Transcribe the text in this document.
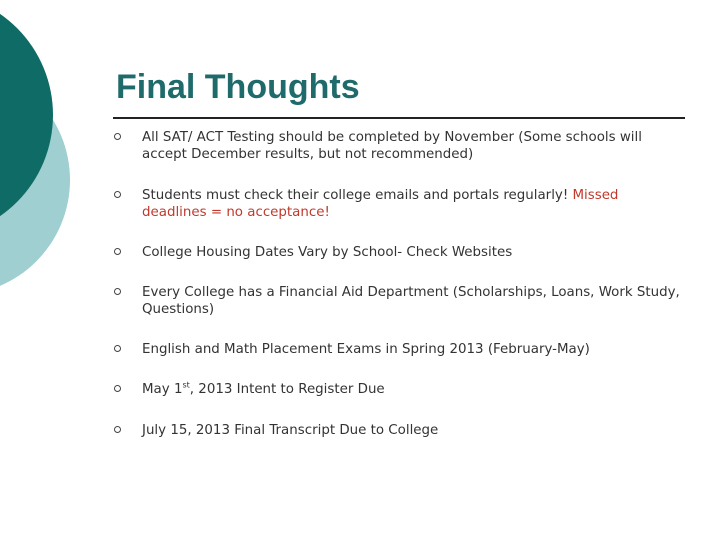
Final Thoughts
All SAT/ ACT Testing should be completed by November (Some schools will accept December results, but not recommended)
Students must check their college emails and portals regularly! Missed deadlines = no acceptance!
College Housing Dates Vary by School- Check Websites
Every College has a Financial Aid Department (Scholarships, Loans, Work Study, Questions)
English and Math Placement Exams in Spring 2013 (February-May)
May 1st, 2013 Intent to Register Due
July 15, 2013 Final Transcript Due to College
